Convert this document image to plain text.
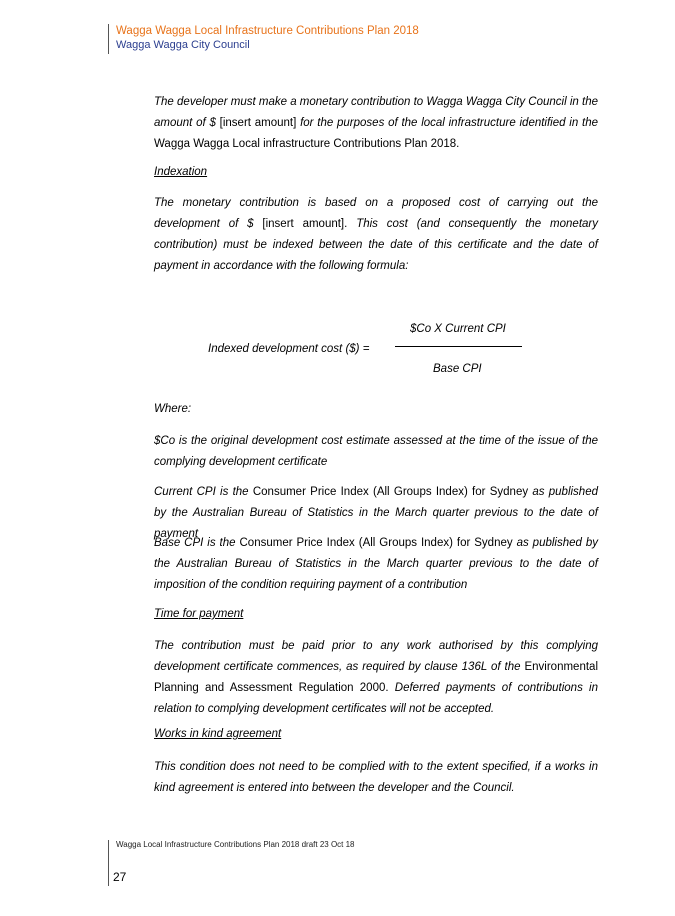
Wagga Wagga Local Infrastructure Contributions Plan 2018
Wagga Wagga City Council

The developer must make a monetary contribution to Wagga Wagga City Council in the amount of $ [insert amount] for the purposes of the local infrastructure identified in the Wagga Wagga Local infrastructure Contributions Plan 2018.

Indexation

The monetary contribution is based on a proposed cost of carrying out the development of $ [insert amount]. This cost (and consequently the monetary contribution) must be indexed between the date of this certificate and the date of payment in accordance with the following formula:

Where:

$Co is the original development cost estimate assessed at the time of the issue of the complying development certificate

Current CPI is the Consumer Price Index (All Groups Index) for Sydney as published by the Australian Bureau of Statistics in the March quarter previous to the date of payment

Base CPI is the Consumer Price Index (All Groups Index) for Sydney as published by the Australian Bureau of Statistics in the March quarter previous to the date of imposition of the condition requiring payment of a contribution

Time for payment

The contribution must be paid prior to any work authorised by this complying development certificate commences, as required by clause 136L of the Environmental Planning and Assessment Regulation 2000. Deferred payments of contributions in relation to complying development certificates will not be accepted.

Works in kind agreement

This condition does not need to be complied with to the extent specified, if a works in kind agreement is entered into between the developer and the Council.

Indexed development cost ($) =
$Co X Current CPI
Base CPI
Wagga Local Infrastructure Contributions Plan 2018 draft 23 Oct 18
27
